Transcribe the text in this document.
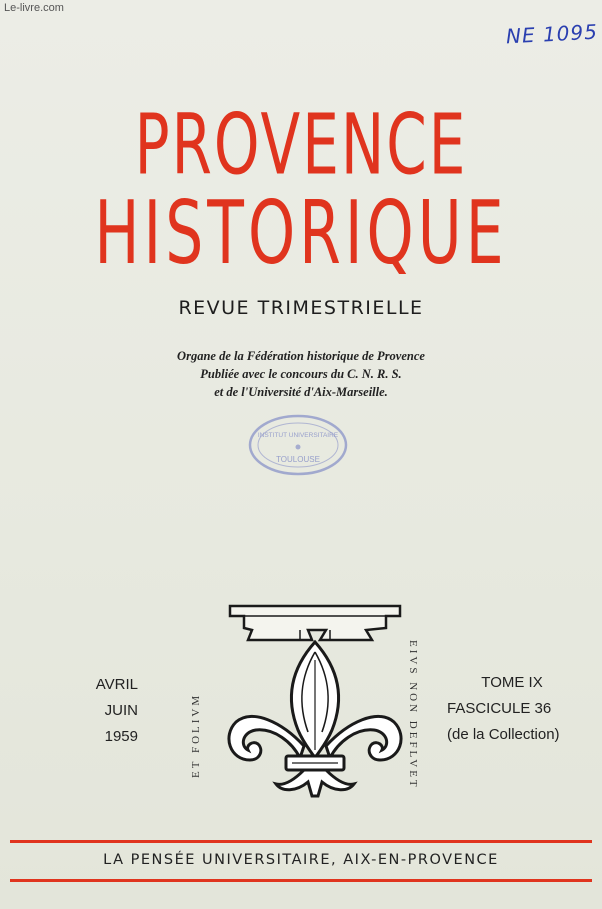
Le-livre.com
NE 1095
PROVENCE
HISTORIQUE
REVUE TRIMESTRIELLE
Organe de la Fédération historique de Provence
Publiée avec le concours du C. N. R. S.
et de l'Université d'Aix-Marseille.
INSTITUT UNIVERSITAIRE
TOULOUSE
AVRIL
JUIN
1959	ET FOLIVM	EIVS NON DEFLVET	TOME IX
FASCICULE 36
(de la Collection)
LA PENSÉE UNIVERSITAIRE, AIX-EN-PROVENCE
